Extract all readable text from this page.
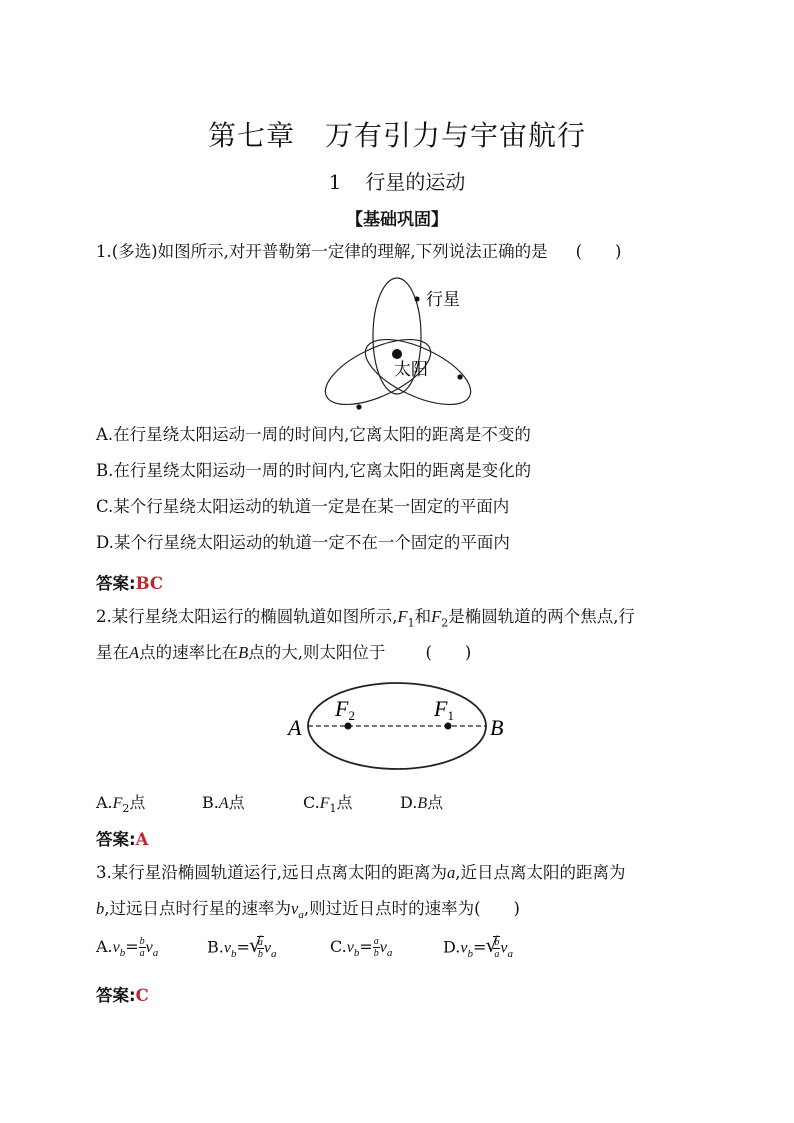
第七章 万有引力与宇宙航行
1 行星的运动
【基础巩固】
1.(多选)如图所示,对开普勒第一定律的理解,下列说法正确的是 (　　)
行星
太阳
A.在行星绕太阳运动一周的时间内,它离太阳的距离是不变的
B.在行星绕太阳运动一周的时间内,它离太阳的距离是变化的
C.某个行星绕太阳运动的轨道一定是在某一固定的平面内
D.某个行星绕太阳运动的轨道一定不在一个固定的平面内
答案:BC
2.某行星绕太阳运行的椭圆轨道如图所示$,F_1$和$F_2$是椭圆轨道的两个焦点,行
星在A点的速率比在B点的大,则太阳位于 (　　)
A	B
F2	F1
$A.F_2$点	B.A点	$C.F_1$点	D.B点
答案:A
3.某行星沿椭圆轨道运行,远日点离太阳的距离为a,近日点离太阳的距离为
b,过远日点时行星的速率为$v_a$,则过近日点时的速率为(　　)
$A.v_b= \frac{b}{a} v_a$	$B.v_b=$ √ $\frac{a}{b} v_a$	$C.v_b= \frac{a}{b} v_a$	$D.v_b=$ √ $\frac{b}{a} v_a$
答案:C
